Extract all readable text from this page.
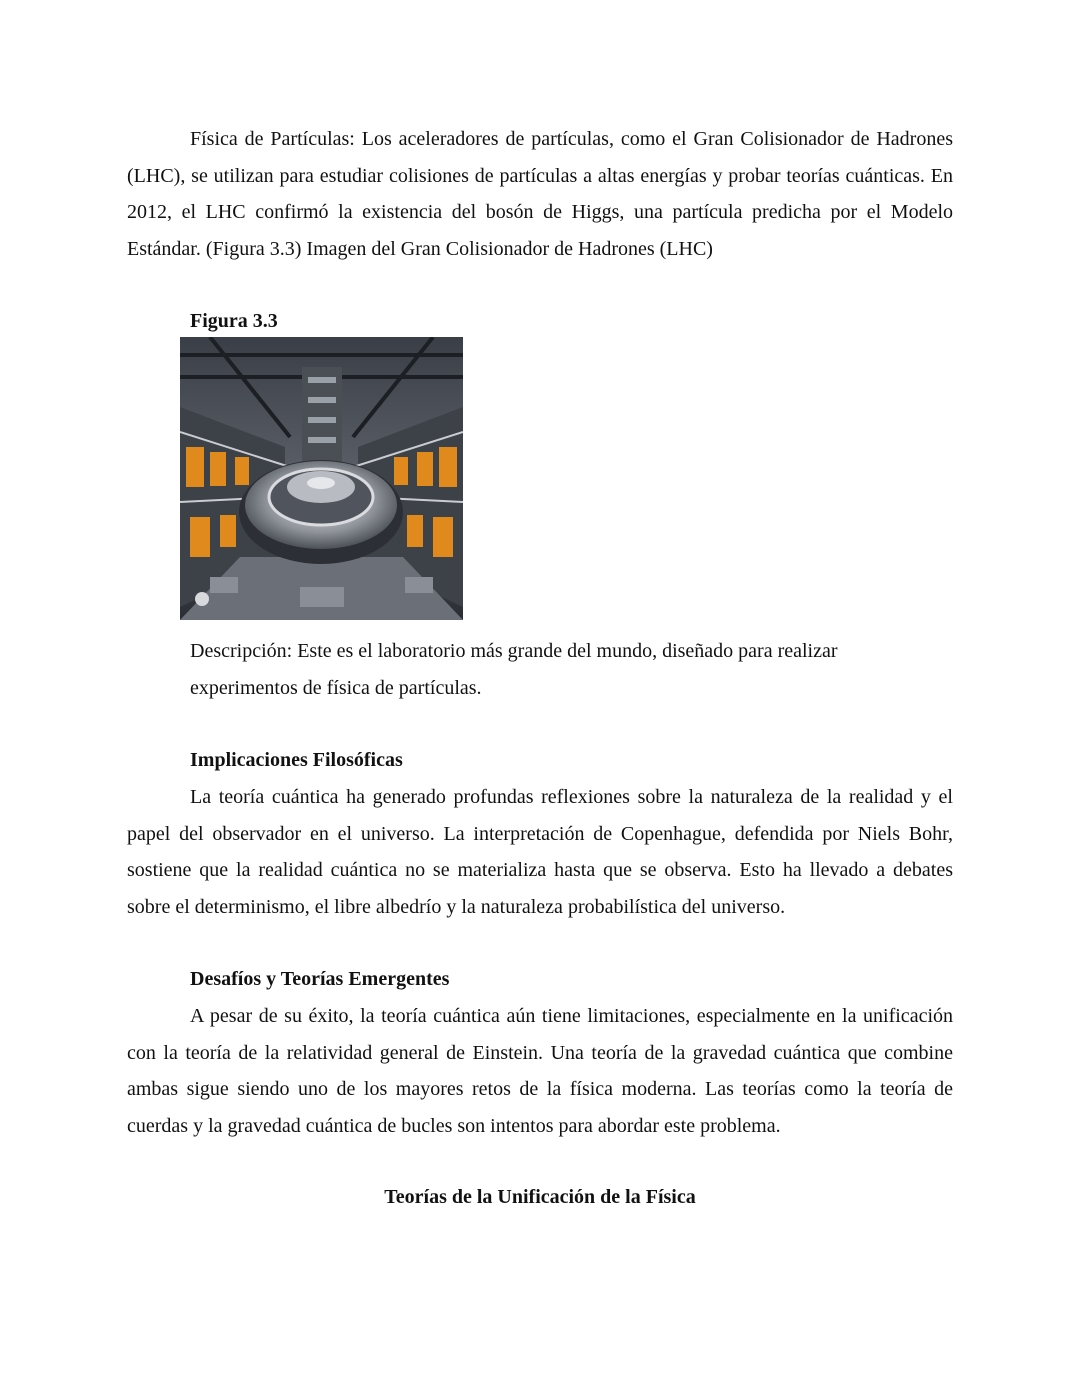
Física de Partículas: Los aceleradores de partículas, como el Gran Colisionador de Hadrones (LHC), se utilizan para estudiar colisiones de partículas a altas energías y probar teorías cuánticas. En 2012, el LHC confirmó la existencia del bosón de Higgs, una partícula predicha por el Modelo Estándar. (Figura 3.3) Imagen del Gran Colisionador de Hadrones (LHC)

Figura 3.3
Descripción: Este es el laboratorio más grande del mundo, diseñado para realizar experimentos de física de partículas.
Implicaciones Filosóficas

La teoría cuántica ha generado profundas reflexiones sobre la naturaleza de la realidad y el papel del observador en el universo. La interpretación de Copenhague, defendida por Niels Bohr, sostiene que la realidad cuántica no se materializa hasta que se observa. Esto ha llevado a debates sobre el determinismo, el libre albedrío y la naturaleza probabilística del universo.

Desafíos y Teorías Emergentes

A pesar de su éxito, la teoría cuántica aún tiene limitaciones, especialmente en la unificación con la teoría de la relatividad general de Einstein. Una teoría de la gravedad cuántica que combine ambas sigue siendo uno de los mayores retos de la física moderna. Las teorías como la teoría de cuerdas y la gravedad cuántica de bucles son intentos para abordar este problema.

Teorías de la Unificación de la Física
